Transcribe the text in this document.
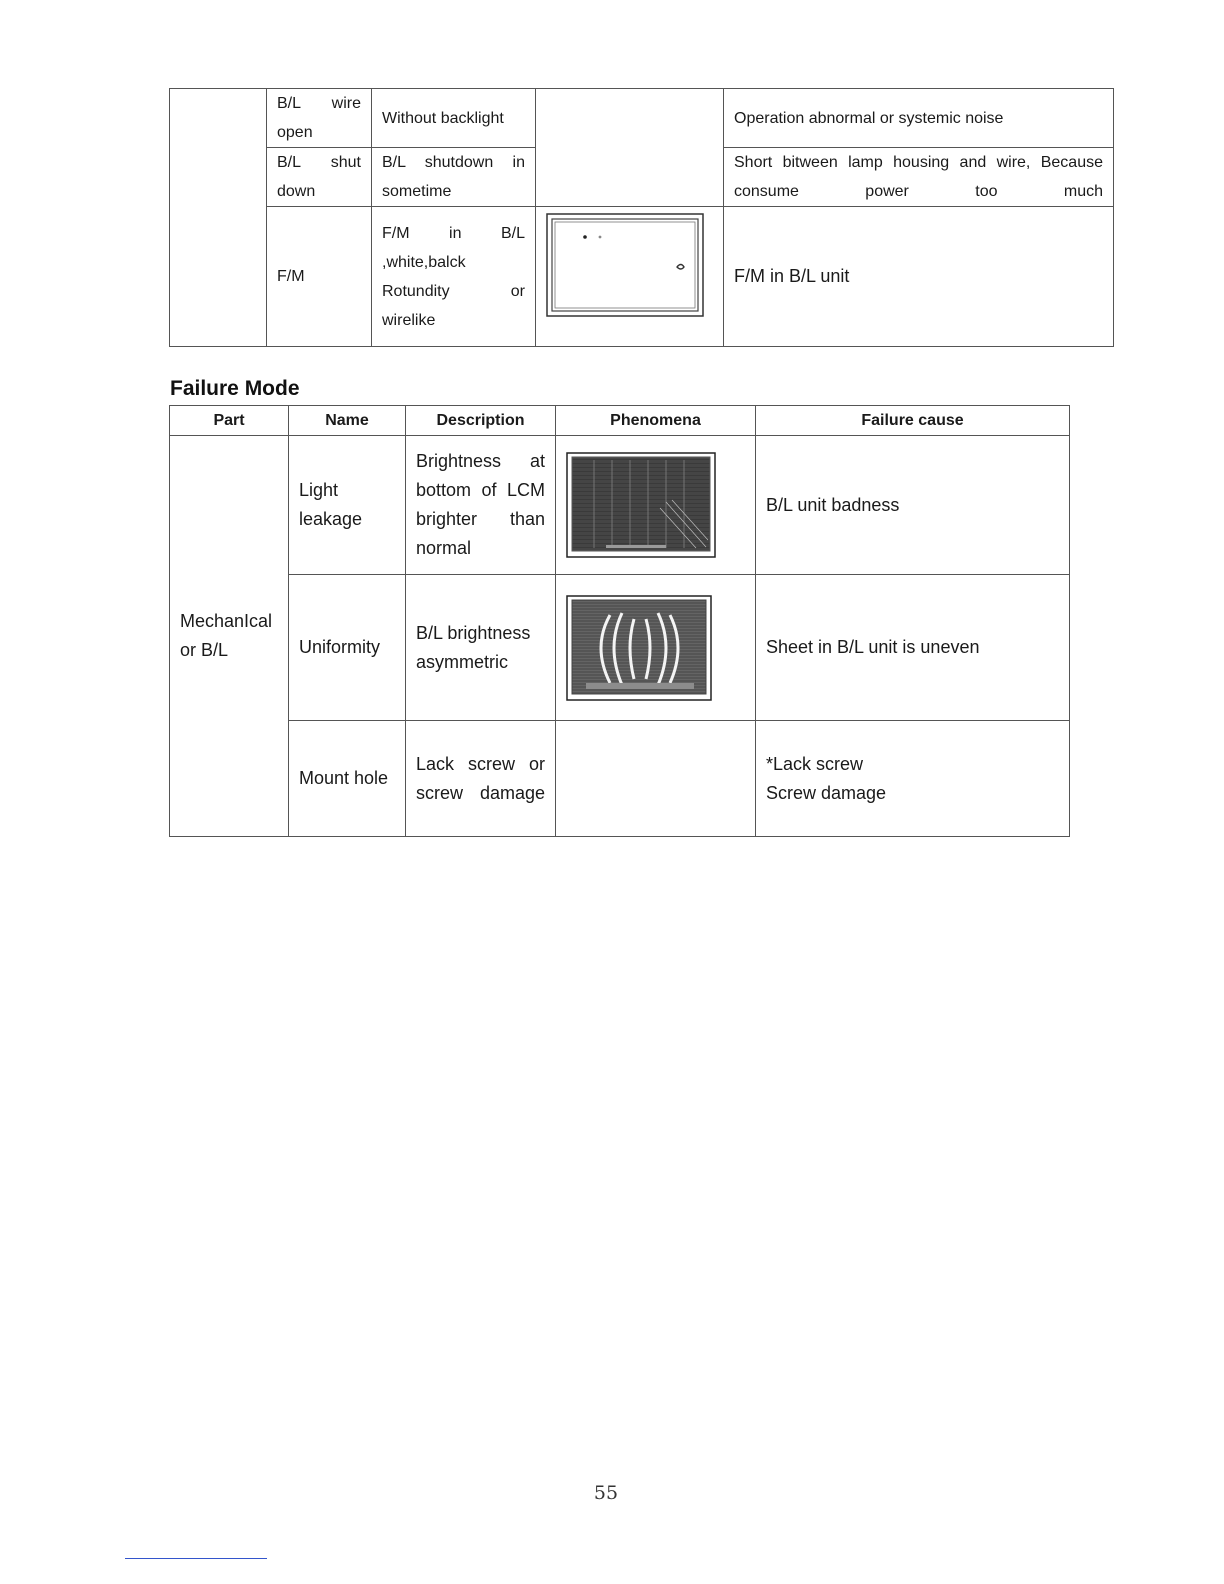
	B/L wire open	Without backlight		Operation abnormal or systemic noise
	B/L shut down	B/L shutdown in sometime		Short bitween lamp housing and wire, Because consume power too much
	F/M	F/M in B/L ,white,balck Rotundity or wirelike		F/M in B/L unit
Failure Mode
Part	Name	Description	Phenomena	Failure cause
MechanIcal or B/L	Light leakage	Brightness at bottom of LCM brighter than normal		B/L unit badness
	Uniformity	B/L brightness asymmetric		Sheet in B/L unit is uneven
	Mount hole	Lack screw or screw damage		*Lack screw
Screw damage
55
